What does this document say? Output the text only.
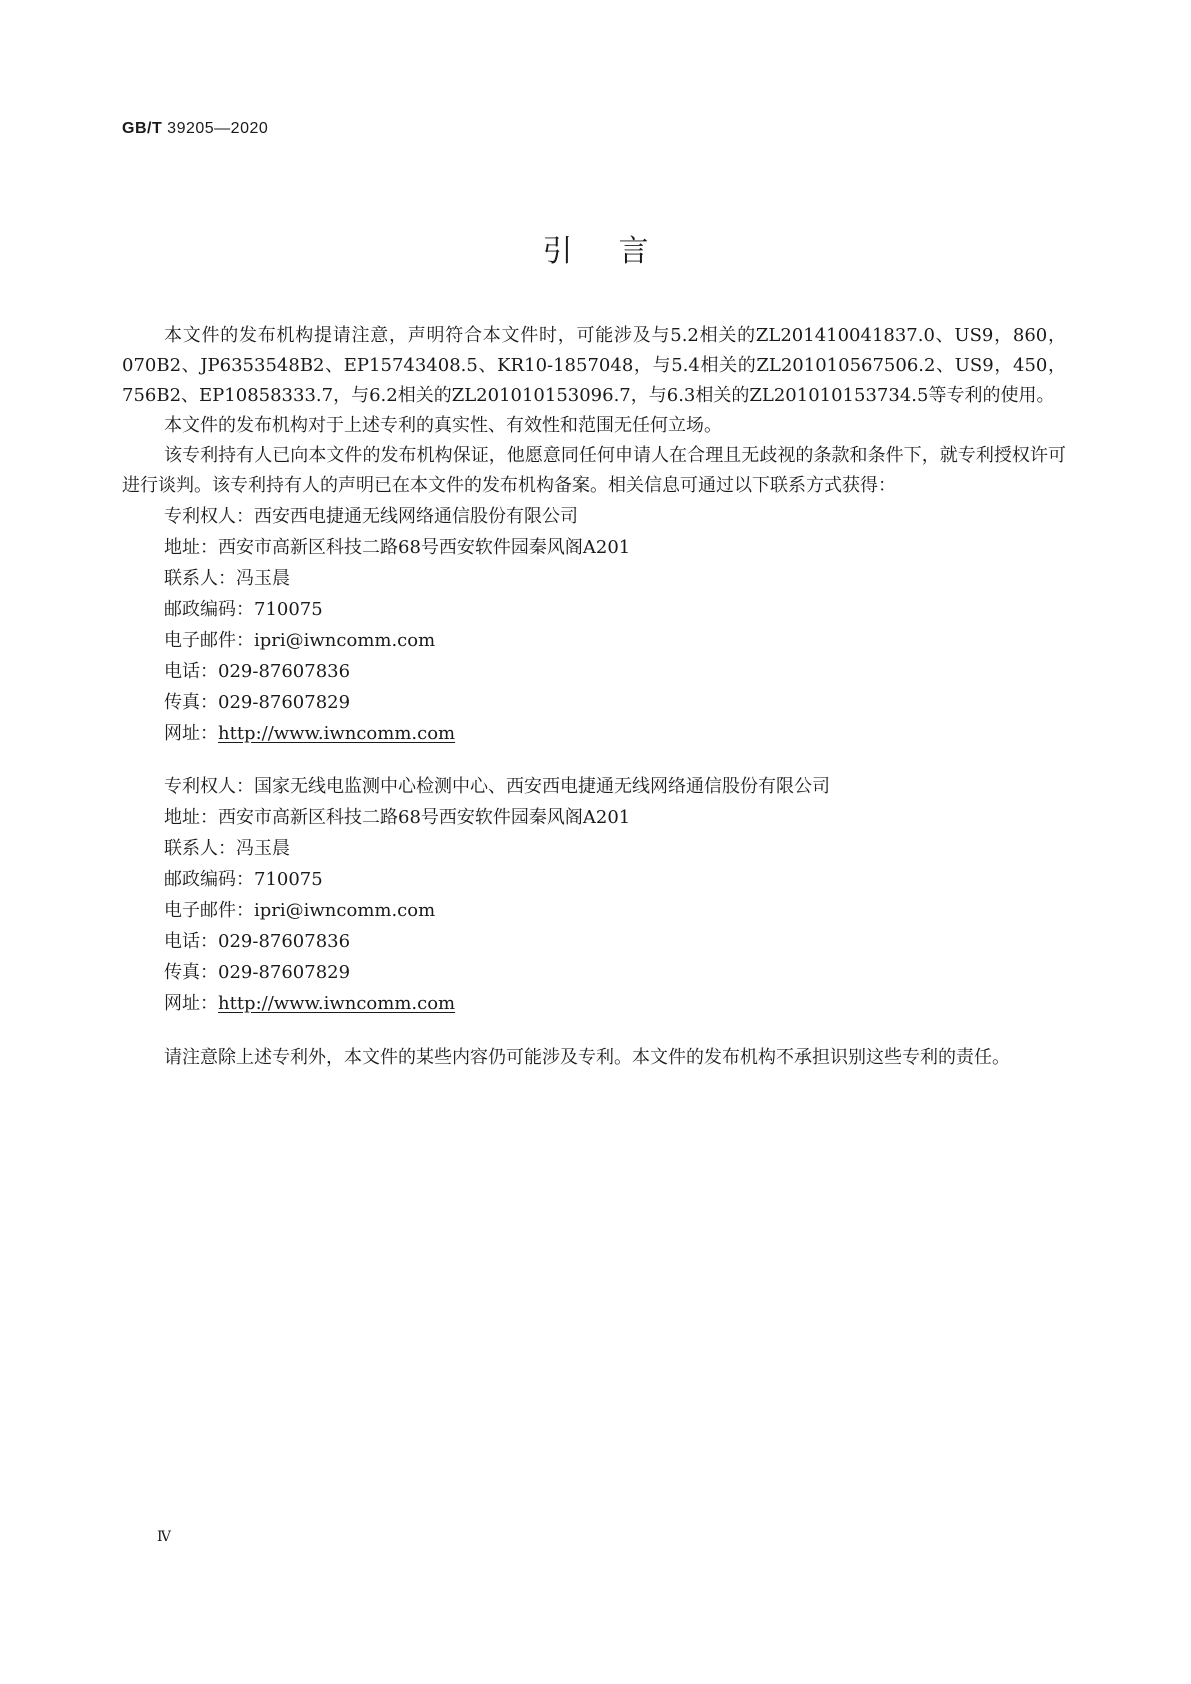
GB/T 39205—2020
引言

本文件的发布机构提请注意，声明符合本文件时，可能涉及与5.2相关的ZL201410041837.0、US9，860，070B2、JP6353548B2、EP15743408.5、KR10-1857048，与5.4相关的ZL201010567506.2、US9，450，756B2、EP10858333.7，与6.2相关的ZL201010153096.7，与6.3相关的ZL201010153734.5等专利的使用。

本文件的发布机构对于上述专利的真实性、有效性和范围无任何立场。

该专利持有人已向本文件的发布机构保证，他愿意同任何申请人在合理且无歧视的条款和条件下，就专利授权许可进行谈判。该专利持有人的声明已在本文件的发布机构备案。相关信息可通过以下联系方式获得：

专利权人：西安西电捷通无线网络通信股份有限公司
地址：西安市高新区科技二路68号西安软件园秦风阁A201
联系人：冯玉晨
邮政编码：710075
电子邮件：ipri@iwncomm.com
电话：029-87607836
传真：029-87607829
网址：http://www.iwncomm.com
专利权人：国家无线电监测中心检测中心、西安西电捷通无线网络通信股份有限公司
地址：西安市高新区科技二路68号西安软件园秦风阁A201
联系人：冯玉晨
邮政编码：710075
电子邮件：ipri@iwncomm.com
电话：029-87607836
传真：029-87607829
网址：http://www.iwncomm.com

请注意除上述专利外，本文件的某些内容仍可能涉及专利。本文件的发布机构不承担识别这些专利的责任。

Ⅳ
